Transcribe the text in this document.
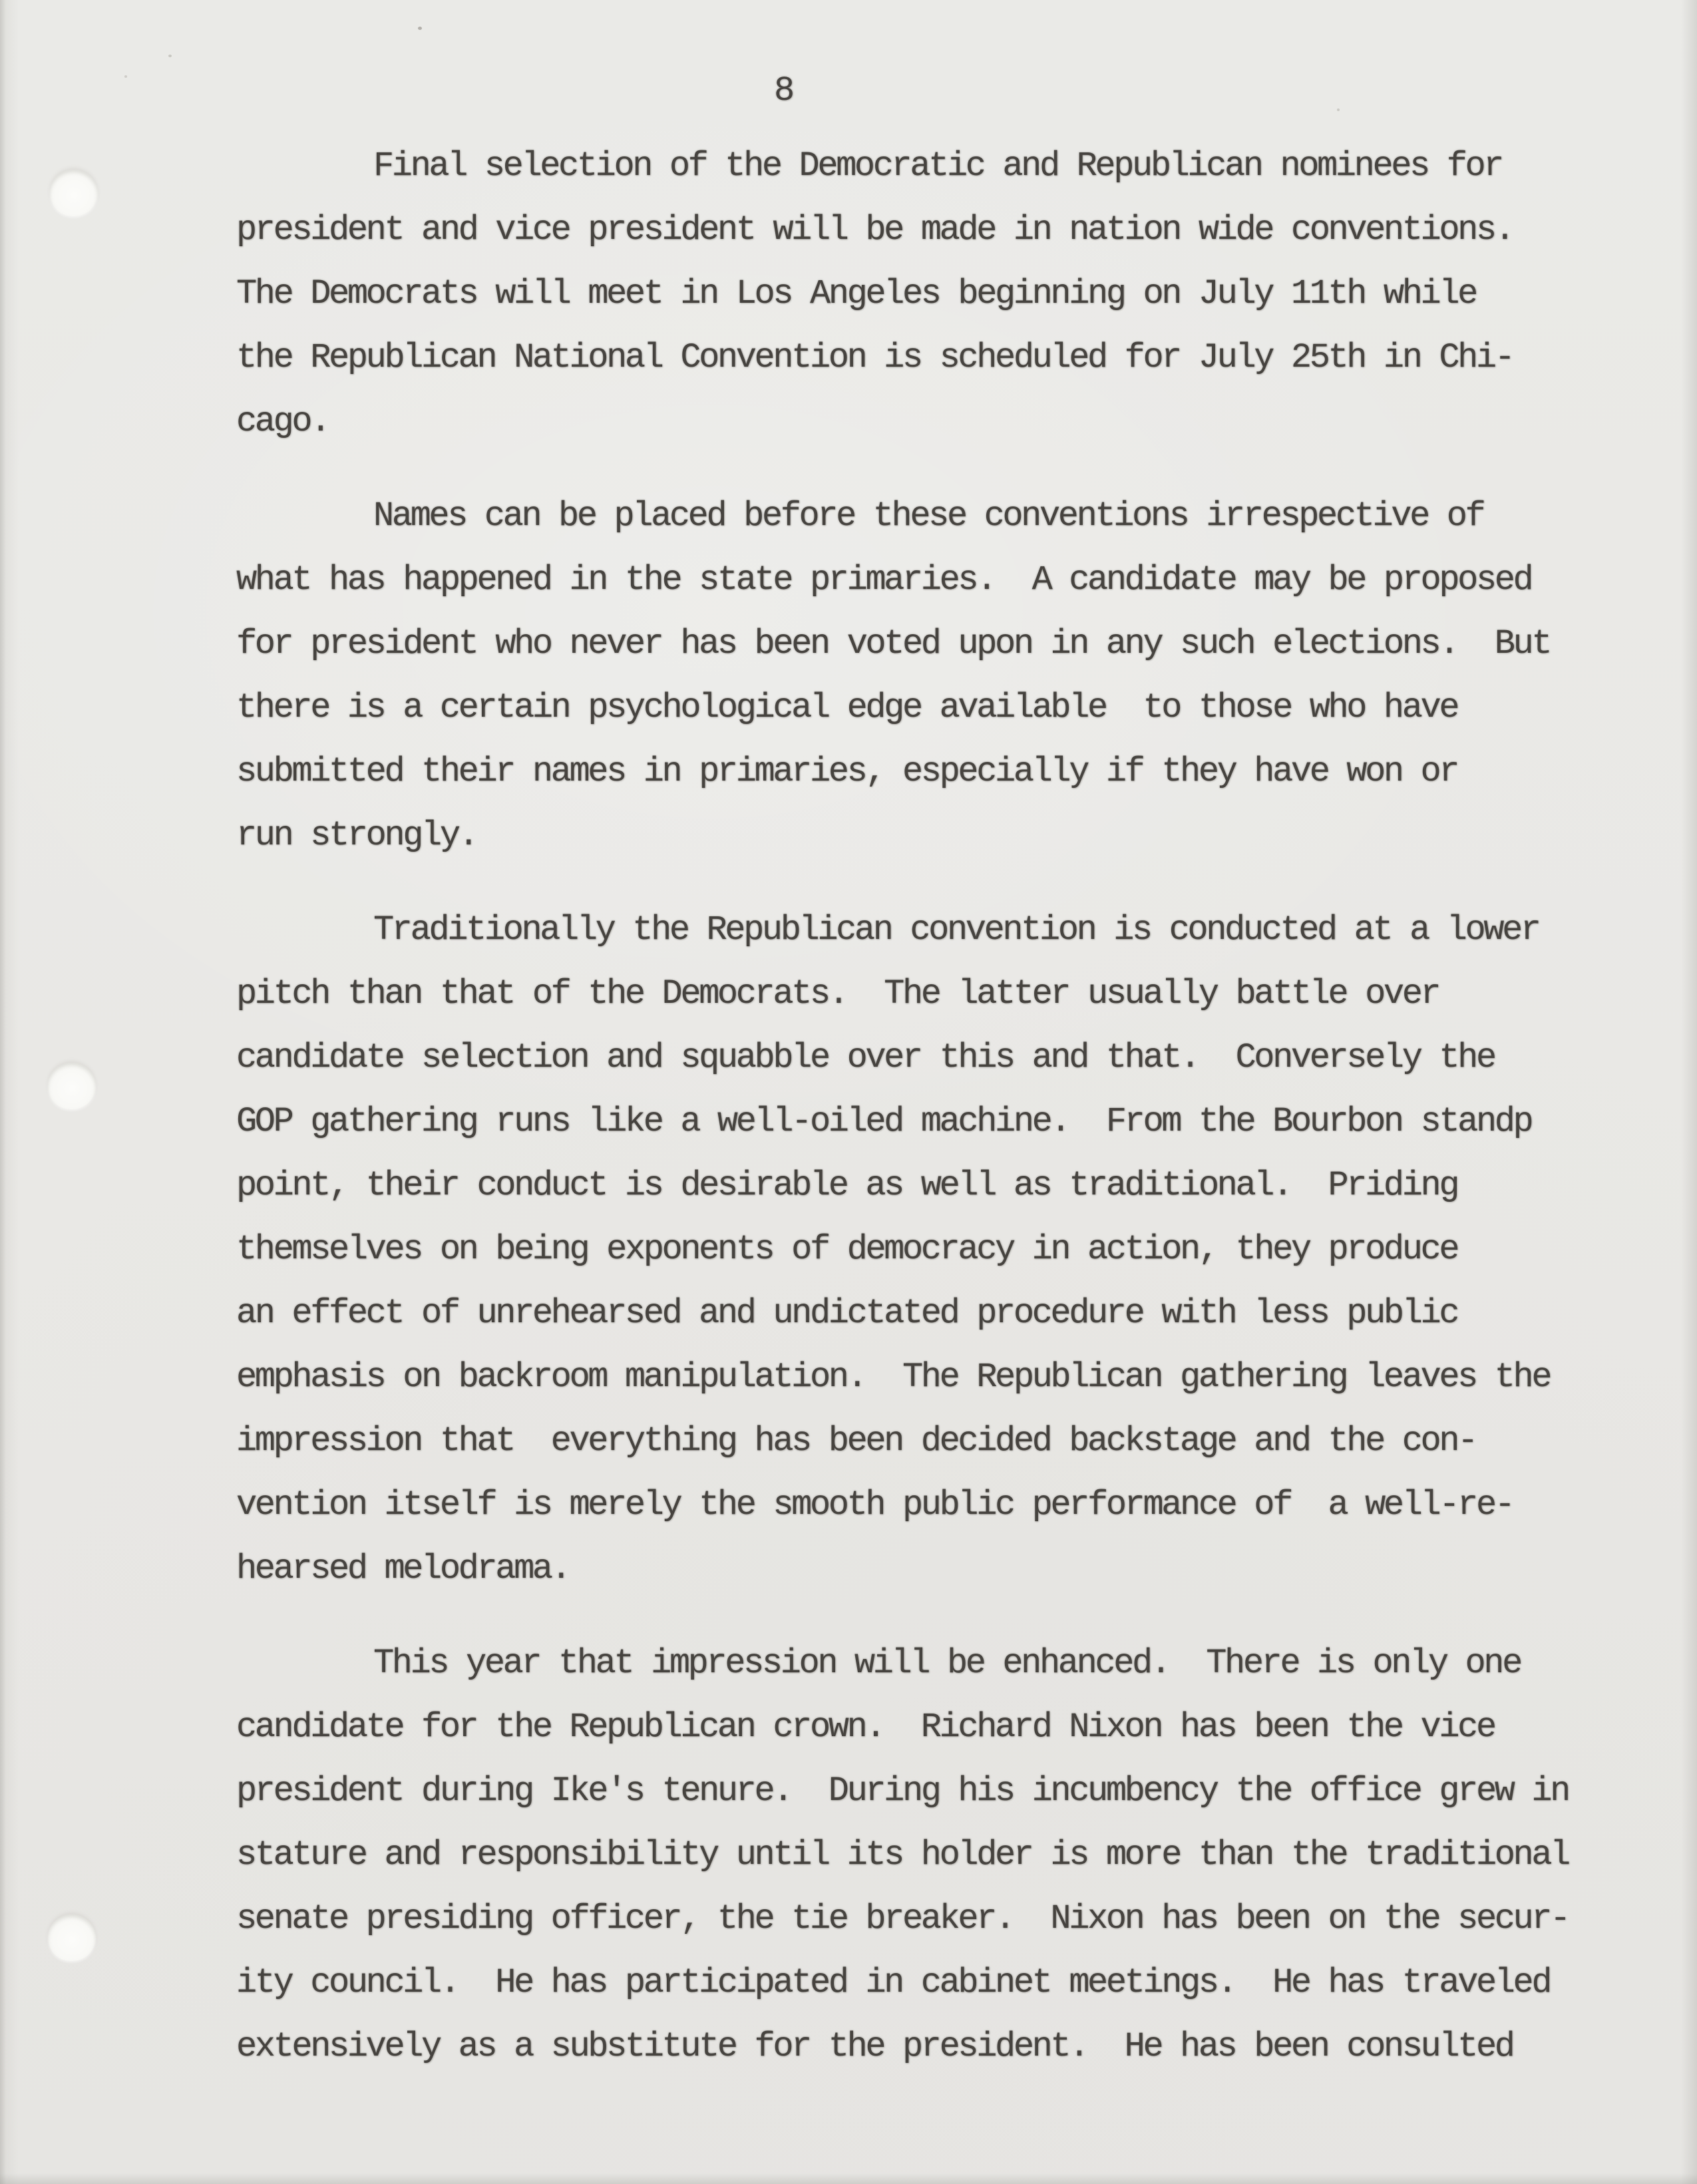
8

Final selection of the Democratic and Republican nominees for
president and vice president will be made in nation wide conventions.
The Democrats will meet in Los Angeles beginning on July 11th while
the Republican National Convention is scheduled for July 25th in Chi-
cago.

Names can be placed before these conventions irrespective of
what has happened in the state primaries.  A candidate may be proposed
for president who never has been voted upon in any such elections.  But
there is a certain psychological edge available  to those who have
submitted their names in primaries, especially if they have won or
run strongly.

Traditionally the Republican convention is conducted at a lower
pitch than that of the Democrats.  The latter usually battle over
candidate selection and squabble over this and that.  Conversely the
GOP gathering runs like a well-oiled machine.  From the Bourbon standp
point, their conduct is desirable as well as traditional.  Priding
themselves on being exponents of democracy in action, they produce
an effect of unrehearsed and undictated procedure with less public
emphasis on backroom manipulation.  The Republican gathering leaves the
impression that  everything has been decided backstage and the con-
vention itself is merely the smooth public performance of  a well-re-
hearsed melodrama.

This year that impression will be enhanced.  There is only one
candidate for the Republican crown.  Richard Nixon has been the vice
president during Ike's tenure.  During his incumbency the office grew in
stature and responsibility until its holder is more than the traditional
senate presiding officer, the tie breaker.  Nixon has been on the secur-
ity council.  He has participated in cabinet meetings.  He has traveled
extensively as a substitute for the president.  He has been consulted
